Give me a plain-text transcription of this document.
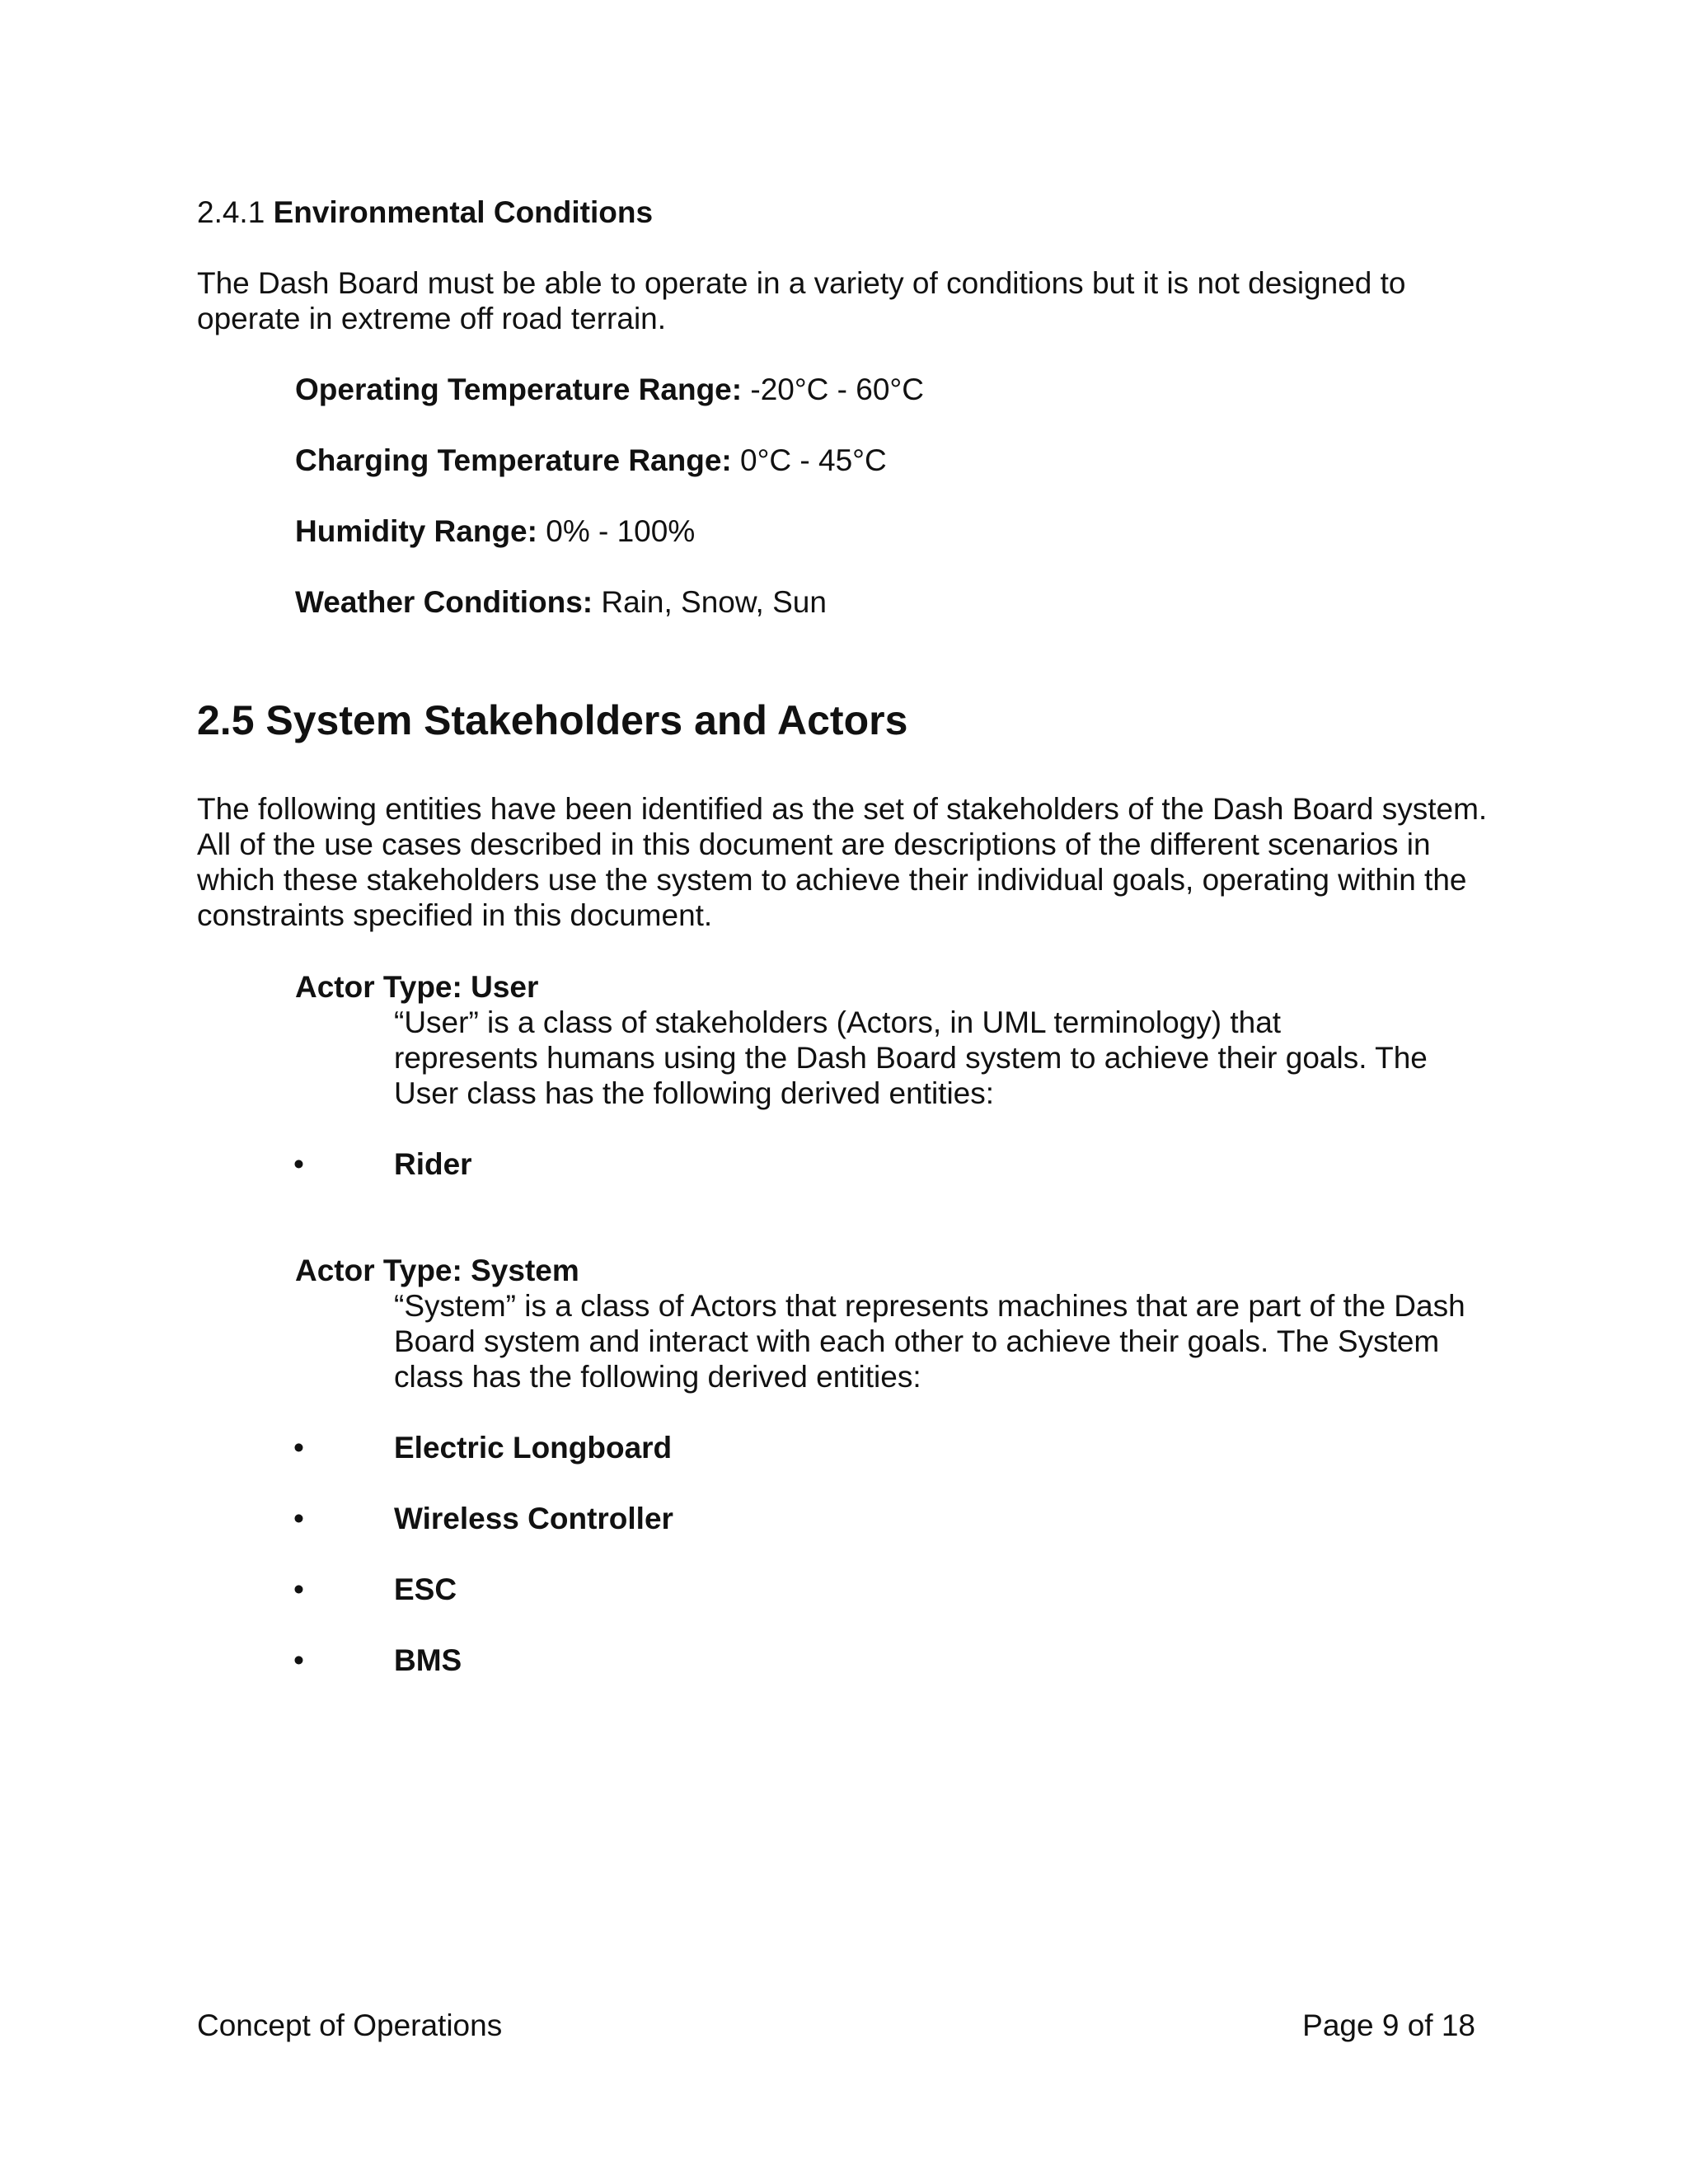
2.4.1 Environmental Conditions
The Dash Board must be able to operate in a variety of conditions but it is not designed to
operate in extreme off road terrain.
Operating Temperature Range: -20°C - 60°C
Charging Temperature Range: 0°C - 45°C
Humidity Range: 0% - 100%
Weather Conditions: Rain, Snow, Sun
2.5 System Stakeholders and Actors
The following entities have been identified as the set of stakeholders of the Dash Board system.
All of the use cases described in this document are descriptions of the different scenarios in
which these stakeholders use the system to achieve their individual goals, operating within the
constraints specified in this document.
Actor Type: User
“User” is a class of stakeholders (Actors, in UML terminology) that
represents humans using the Dash Board system to achieve their goals. The
User class has the following derived entities:
•	Rider
Actor Type: System
“System” is a class of Actors that represents machines that are part of the Dash
Board system and interact with each other to achieve their goals. The System
class has the following derived entities:
•	Electric Longboard
•	Wireless Controller
•	ESC
•	BMS
Concept of Operations	Page 9 of 18
